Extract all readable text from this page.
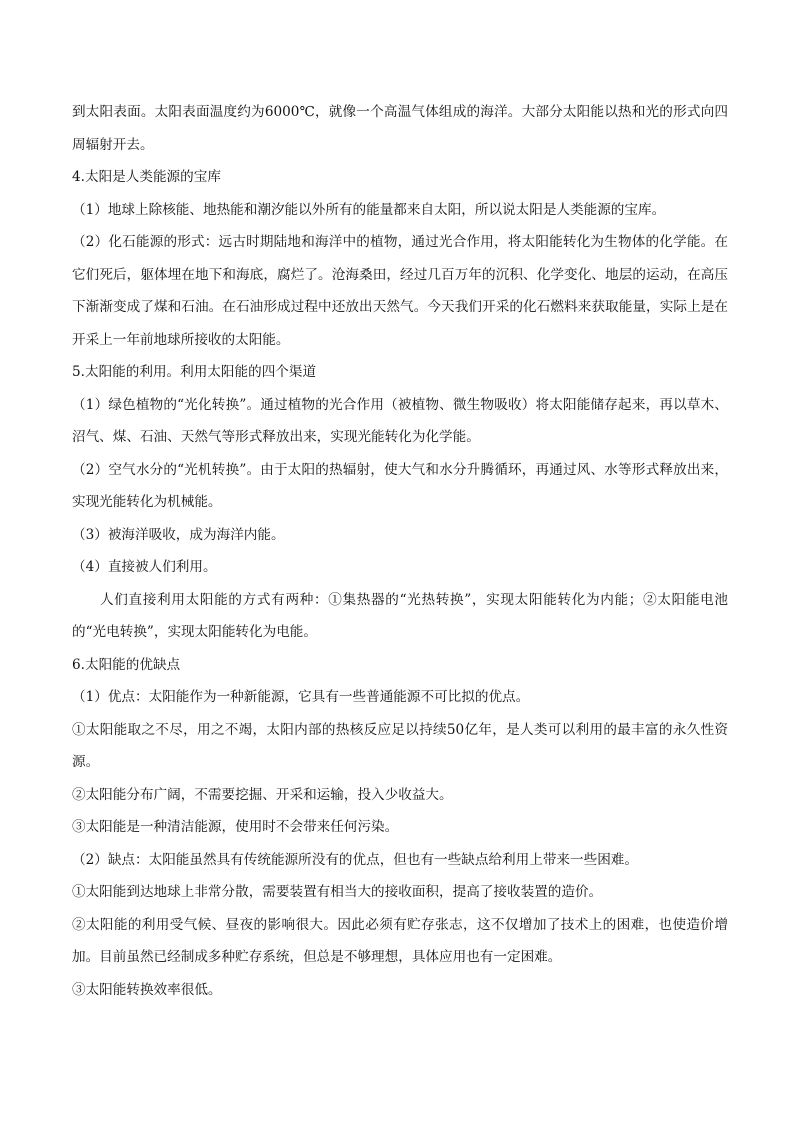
到太阳表面。太阳表面温度约为6000℃，就像一个高温气体组成的海洋。大部分太阳能以热和光的形式向四周辐射开去。

4.太阳是人类能源的宝库

（1）地球上除核能、地热能和潮汐能以外所有的能量都来自太阳，所以说太阳是人类能源的宝库。

（2）化石能源的形式：远古时期陆地和海洋中的植物，通过光合作用，将太阳能转化为生物体的化学能。在它们死后，躯体埋在地下和海底，腐烂了。沧海桑田，经过几百万年的沉积、化学变化、地层的运动，在高压下渐渐变成了煤和石油。在石油形成过程中还放出天然气。今天我们开采的化石燃料来获取能量，实际上是在开采上一年前地球所接收的太阳能。

5.太阳能的利用。利用太阳能的四个渠道

（1）绿色植物的“光化转换”。通过植物的光合作用（被植物、微生物吸收）将太阳能储存起来，再以草木、沼气、煤、石油、天然气等形式释放出来，实现光能转化为化学能。

（2）空气水分的“光机转换”。由于太阳的热辐射，使大气和水分升腾循环，再通过风、水等形式释放出来，实现光能转化为机械能。

（3）被海洋吸收，成为海洋内能。

（4）直接被人们利用。

人们直接利用太阳能的方式有两种：①集热器的“光热转换”，实现太阳能转化为内能；②太阳能电池的“光电转换”，实现太阳能转化为电能。

6.太阳能的优缺点

（1）优点：太阳能作为一种新能源，它具有一些普通能源不可比拟的优点。

①太阳能取之不尽，用之不竭，太阳内部的热核反应足以持续50亿年，是人类可以利用的最丰富的永久性资源。

②太阳能分布广阔，不需要挖掘、开采和运输，投入少收益大。

③太阳能是一种清洁能源，使用时不会带来任何污染。

（2）缺点：太阳能虽然具有传统能源所没有的优点，但也有一些缺点给利用上带来一些困难。

①太阳能到达地球上非常分散，需要装置有相当大的接收面积，提高了接收装置的造价。

②太阳能的利用受气候、昼夜的影响很大。因此必须有贮存张志，这不仅增加了技术上的困难，也使造价增加。目前虽然已经制成多种贮存系统，但总是不够理想，具体应用也有一定困难。

③太阳能转换效率很低。
